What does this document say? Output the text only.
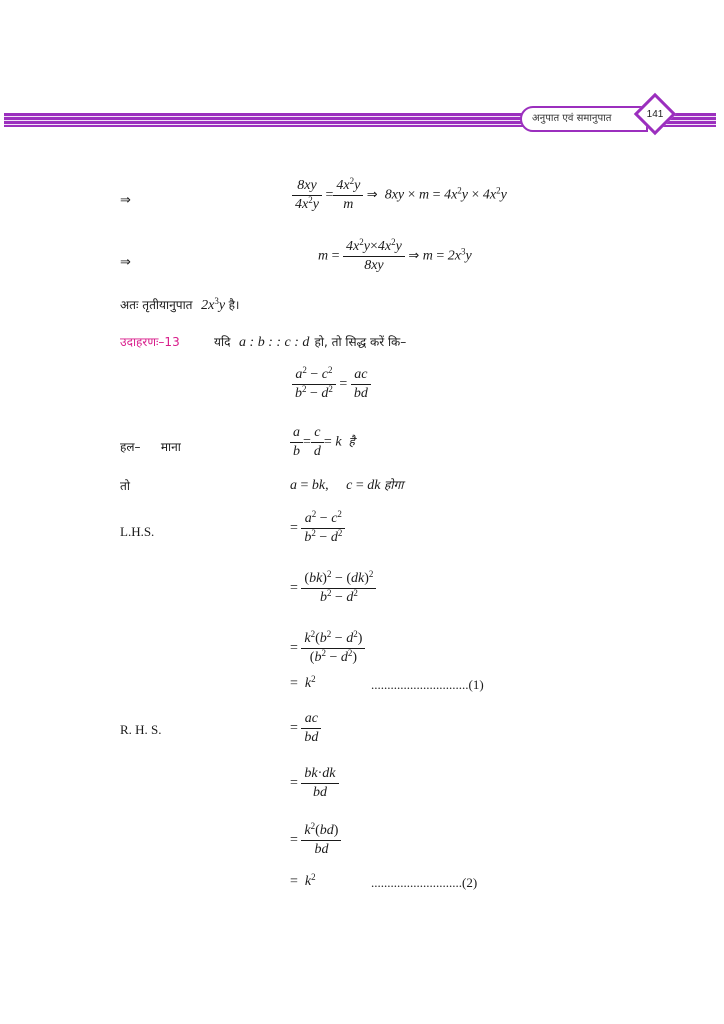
अनुपात एवं समानुपात	141
⇒	$\frac{8xy}{4x^2y} = \frac{4x^2y}{m}$ ⇒  $8xy \times m = 4x^2y \times 4x^2y$
⇒	$m = \frac{4x^2y\times 4x^2y}{8xy}$ ⇒ $m = 2x^3y$
अतः तृतीयानुपात  $2x^3y$ है।
उदाहरणः–13	यदि  a : b : : c : d हो, तो सिद्ध करें कि–
$\frac{a^2 - c^2}{b^2 - d^2} = \frac{ac}{bd}$
हल– माना	$\frac{a}{b} = \frac{c}{d} = k$  है
तो	a = bk,     c = dk होगा
L.H.S.	= $\frac{a^2 - c^2}{b^2 - d^2}$
= $\frac{(bk)^2 - (dk)^2}{b^2 - d^2}$
= $\frac{k^2(b^2 - d^2)}{(b^2 - d^2)}$
=  $k^2$	..............................(1)
R. H. S.	= $\frac{ac}{bd}$
= $\frac{bk\cdot dk}{bd}$
= $\frac{k^2(bd)}{bd}$
=  $k^2$	............................(2)
